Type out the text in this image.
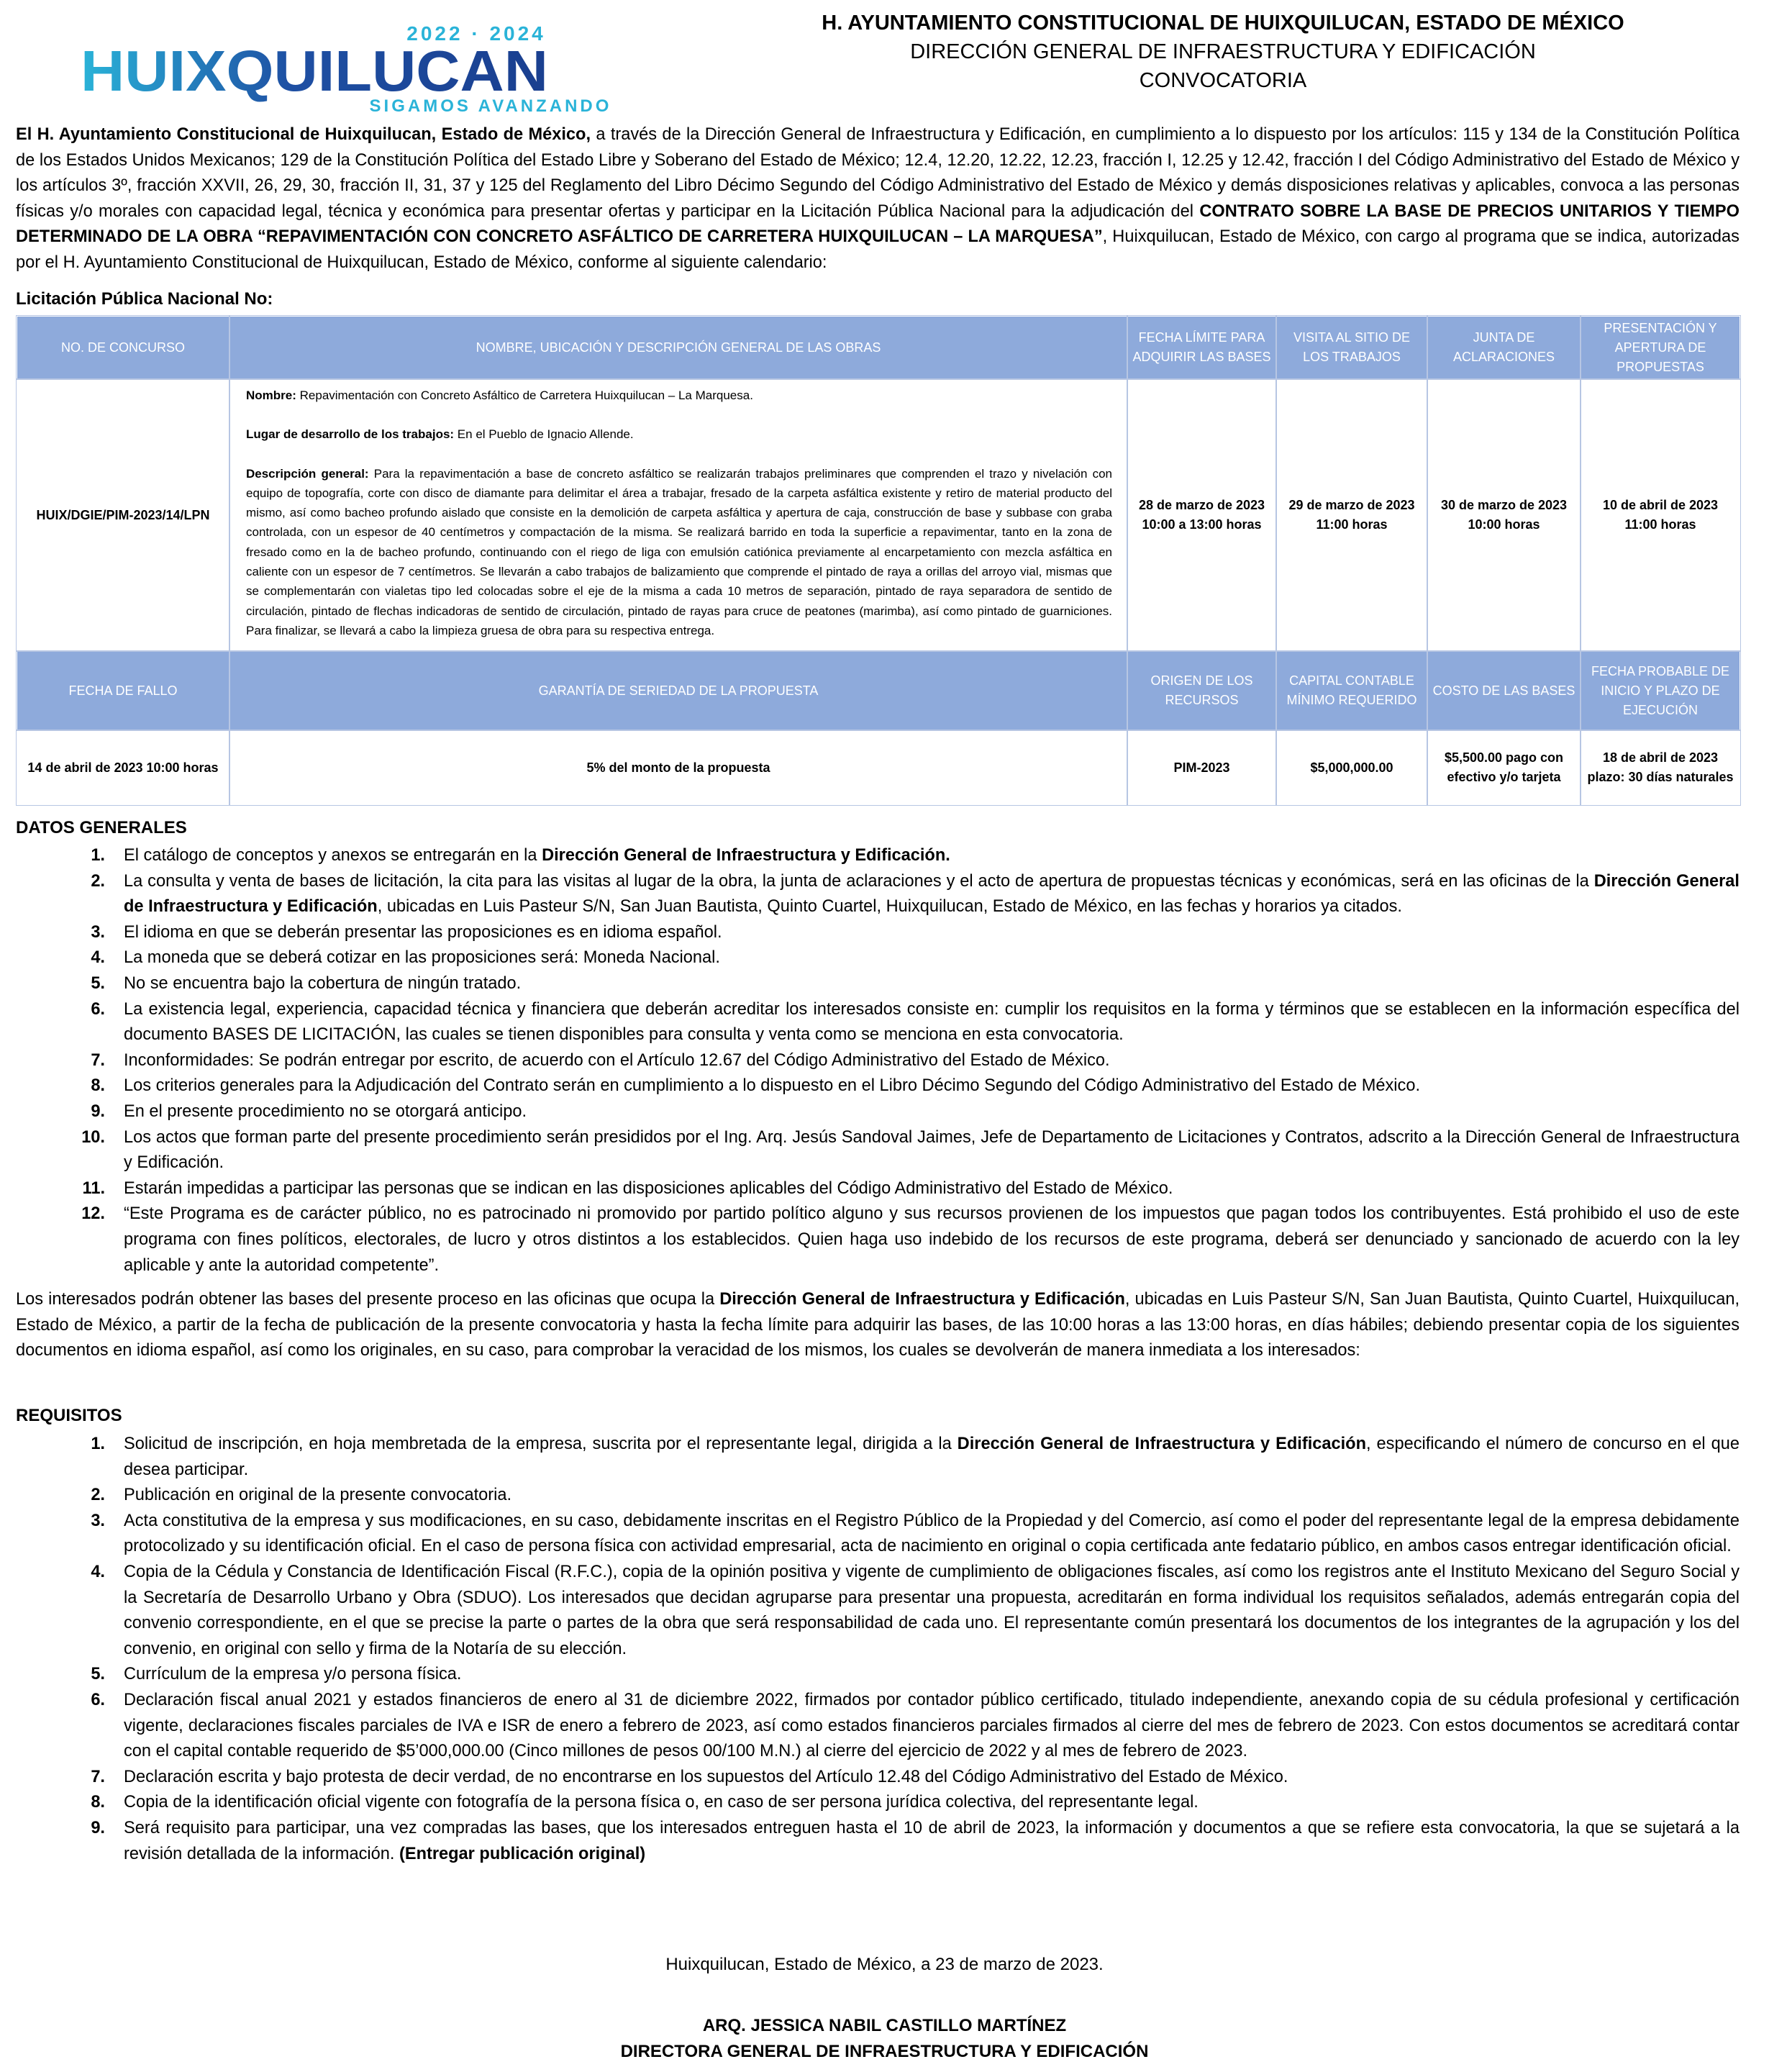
2022 · 2024
HUIXQUILUCAN
SIGAMOS AVANZANDO
H. AYUNTAMIENTO CONSTITUCIONAL DE HUIXQUILUCAN, ESTADO DE MÉXICO
DIRECCIÓN GENERAL DE INFRAESTRUCTURA Y EDIFICACIÓN
CONVOCATORIA
El H. Ayuntamiento Constitucional de Huixquilucan, Estado de México, a través de la Dirección General de Infraestructura y Edificación, en cumplimiento a lo dispuesto por los artículos: 115 y 134 de la Constitución Política de los Estados Unidos Mexicanos; 129 de la Constitución Política del Estado Libre y Soberano del Estado de México; 12.4, 12.20, 12.22, 12.23, fracción I, 12.25 y 12.42, fracción I del Código Administrativo del Estado de México y los artículos 3º, fracción XXVII, 26, 29, 30, fracción II, 31, 37 y 125 del Reglamento del Libro Décimo Segundo del Código Administrativo del Estado de México y demás disposiciones relativas y aplicables, convoca a las personas físicas y/o morales con capacidad legal, técnica y económica para presentar ofertas y participar en la Licitación Pública Nacional para la adjudicación del CONTRATO SOBRE LA BASE DE PRECIOS UNITARIOS Y TIEMPO DETERMINADO DE LA OBRA “REPAVIMENTACIÓN CON CONCRETO ASFÁLTICO DE CARRETERA HUIXQUILUCAN – LA MARQUESA”, Huixquilucan, Estado de México, con cargo al programa que se indica, autorizadas por el H. Ayuntamiento Constitucional de Huixquilucan, Estado de México, conforme al siguiente calendario:
Licitación Pública Nacional No:
NO. DE CONCURSO	NOMBRE, UBICACIÓN Y DESCRIPCIÓN GENERAL DE LAS OBRAS	FECHA LÍMITE PARA ADQUIRIR LAS BASES	VISITA AL SITIO DE LOS TRABAJOS	JUNTA DE ACLARACIONES	PRESENTACIÓN Y APERTURA DE PROPUESTAS
HUIX/DGIE/PIM-2023/14/LPN	Nombre: Repavimentación con Concreto Asfáltico de Carretera Huixquilucan – La Marquesa.

Lugar de desarrollo de los trabajos: En el Pueblo de Ignacio Allende.

Descripción general: Para la repavimentación a base de concreto asfáltico se realizarán trabajos preliminares que comprenden el trazo y nivelación con equipo de topografía, corte con disco de diamante para delimitar el área a trabajar, fresado de la carpeta asfáltica existente y retiro de material producto del mismo, así como bacheo profundo aislado que consiste en la demolición de carpeta asfáltica y apertura de caja, construcción de base y subbase con graba controlada, con un espesor de 40 centímetros y compactación de la misma. Se realizará barrido en toda la superficie a repavimentar, tanto en la zona de fresado como en la de bacheo profundo, continuando con el riego de liga con emulsión catiónica previamente al encarpetamiento con mezcla asfáltica en caliente con un espesor de 7 centímetros. Se llevarán a cabo trabajos de balizamiento que comprende el pintado de raya a orillas del arroyo vial, mismas que se complementarán con vialetas tipo led colocadas sobre el eje de la misma a cada 10 metros de separación, pintado de raya separadora de sentido de circulación, pintado de flechas indicadoras de sentido de circulación, pintado de rayas para cruce de peatones (marimba), así como pintado de guarniciones. Para finalizar, se llevará a cabo la limpieza gruesa de obra para su respectiva entrega.	28 de marzo de 2023 10:00 a 13:00 horas	29 de marzo de 2023 11:00 horas	30 de marzo de 2023 10:00 horas	10 de abril de 2023 11:00 horas
FECHA DE FALLO	GARANTÍA DE SERIEDAD DE LA PROPUESTA	ORIGEN DE LOS RECURSOS	CAPITAL CONTABLE MÍNIMO REQUERIDO	COSTO DE LAS BASES	FECHA PROBABLE DE INICIO Y PLAZO DE EJECUCIÓN
14 de abril de 2023 10:00 horas	5% del monto de la propuesta	PIM-2023	$5,000,000.00	$5,500.00 pago con efectivo y/o tarjeta	18 de abril de 2023 plazo: 30 días naturales
DATOS GENERALES
1. El catálogo de conceptos y anexos se entregarán en la Dirección General de Infraestructura y Edificación.
2. La consulta y venta de bases de licitación, la cita para las visitas al lugar de la obra, la junta de aclaraciones y el acto de apertura de propuestas técnicas y económicas, será en las oficinas de la Dirección General de Infraestructura y Edificación, ubicadas en Luis Pasteur S/N, San Juan Bautista, Quinto Cuartel, Huixquilucan, Estado de México, en las fechas y horarios ya citados.
3. El idioma en que se deberán presentar las proposiciones es en idioma español.
4. La moneda que se deberá cotizar en las proposiciones será: Moneda Nacional.
5. No se encuentra bajo la cobertura de ningún tratado.
6. La existencia legal, experiencia, capacidad técnica y financiera que deberán acreditar los interesados consiste en: cumplir los requisitos en la forma y términos que se establecen en la información específica del documento BASES DE LICITACIÓN, las cuales se tienen disponibles para consulta y venta como se menciona en esta convocatoria.
7. Inconformidades: Se podrán entregar por escrito, de acuerdo con el Artículo 12.67 del Código Administrativo del Estado de México.
8. Los criterios generales para la Adjudicación del Contrato serán en cumplimiento a lo dispuesto en el Libro Décimo Segundo del Código Administrativo del Estado de México.
9. En el presente procedimiento no se otorgará anticipo.
10. Los actos que forman parte del presente procedimiento serán presididos por el Ing. Arq. Jesús Sandoval Jaimes, Jefe de Departamento de Licitaciones y Contratos, adscrito a la Dirección General de Infraestructura y Edificación.
11. Estarán impedidas a participar las personas que se indican en las disposiciones aplicables del Código Administrativo del Estado de México.
12. “Este Programa es de carácter público, no es patrocinado ni promovido por partido político alguno y sus recursos provienen de los impuestos que pagan todos los contribuyentes. Está prohibido el uso de este programa con fines políticos, electorales, de lucro y otros distintos a los establecidos. Quien haga uso indebido de los recursos de este programa, deberá ser denunciado y sancionado de acuerdo con la ley aplicable y ante la autoridad competente”.
Los interesados podrán obtener las bases del presente proceso en las oficinas que ocupa la Dirección General de Infraestructura y Edificación, ubicadas en Luis Pasteur S/N, San Juan Bautista, Quinto Cuartel, Huixquilucan, Estado de México, a partir de la fecha de publicación de la presente convocatoria y hasta la fecha límite para adquirir las bases, de las 10:00 horas a las 13:00 horas, en días hábiles; debiendo presentar copia de los siguientes documentos en idioma español, así como los originales, en su caso, para comprobar la veracidad de los mismos, los cuales se devolverán de manera inmediata a los interesados:
REQUISITOS
1. Solicitud de inscripción, en hoja membretada de la empresa, suscrita por el representante legal, dirigida a la Dirección General de Infraestructura y Edificación, especificando el número de concurso en el que desea participar.
2. Publicación en original de la presente convocatoria.
3. Acta constitutiva de la empresa y sus modificaciones, en su caso, debidamente inscritas en el Registro Público de la Propiedad y del Comercio, así como el poder del representante legal de la empresa debidamente protocolizado y su identificación oficial. En el caso de persona física con actividad empresarial, acta de nacimiento en original o copia certificada ante fedatario público, en ambos casos entregar identificación oficial.
4. Copia de la Cédula y Constancia de Identificación Fiscal (R.F.C.), copia de la opinión positiva y vigente de cumplimiento de obligaciones fiscales, así como los registros ante el Instituto Mexicano del Seguro Social y la Secretaría de Desarrollo Urbano y Obra (SDUO). Los interesados que decidan agruparse para presentar una propuesta, acreditarán en forma individual los requisitos señalados, además entregarán copia del convenio correspondiente, en el que se precise la parte o partes de la obra que será responsabilidad de cada uno. El representante común presentará los documentos de los integrantes de la agrupación y los del convenio, en original con sello y firma de la Notaría de su elección.
5. Currículum de la empresa y/o persona física.
6. Declaración fiscal anual 2021 y estados financieros de enero al 31 de diciembre 2022, firmados por contador público certificado, titulado independiente, anexando copia de su cédula profesional y certificación vigente, declaraciones fiscales parciales de IVA e ISR de enero a febrero de 2023, así como estados financieros parciales firmados al cierre del mes de febrero de 2023. Con estos documentos se acreditará contar con el capital contable requerido de $5’000,000.00 (Cinco millones de pesos 00/100 M.N.) al cierre del ejercicio de 2022 y al mes de febrero de 2023.
7. Declaración escrita y bajo protesta de decir verdad, de no encontrarse en los supuestos del Artículo 12.48 del Código Administrativo del Estado de México.
8. Copia de la identificación oficial vigente con fotografía de la persona física o, en caso de ser persona jurídica colectiva, del representante legal.
9. Será requisito para participar, una vez compradas las bases, que los interesados entreguen hasta el 10 de abril de 2023, la información y documentos a que se refiere esta convocatoria, la que se sujetará a la revisión detallada de la información. (Entregar publicación original)
Huixquilucan, Estado de México, a 23 de marzo de 2023.
ARQ. JESSICA NABIL CASTILLO MARTÍNEZ
DIRECTORA GENERAL DE INFRAESTRUCTURA Y EDIFICACIÓN
